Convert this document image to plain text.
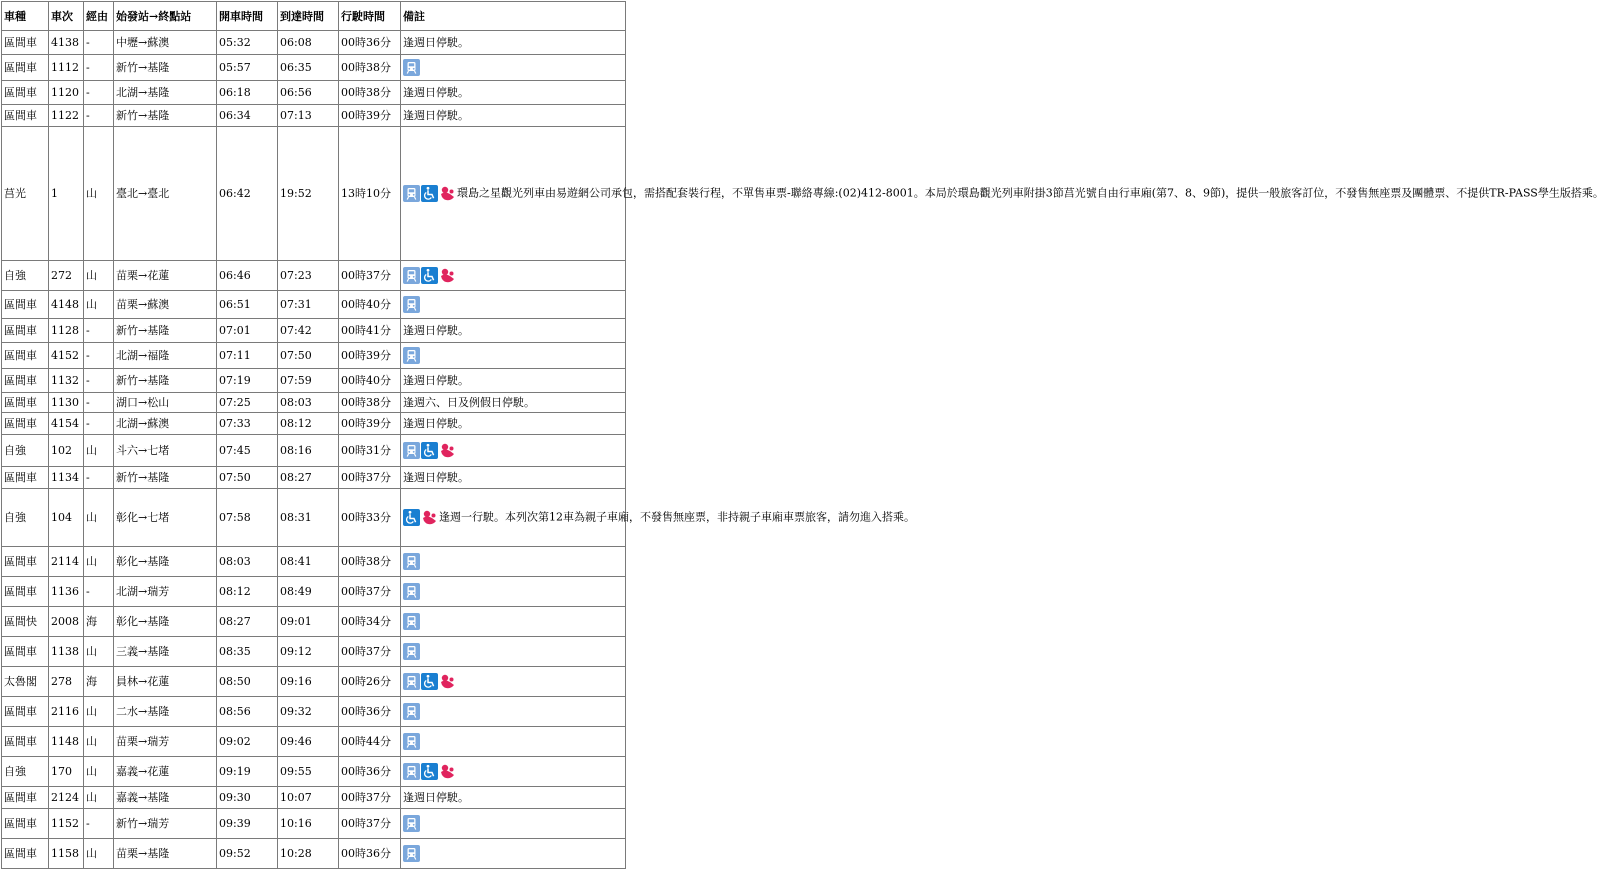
車種	車次	經由	始發站→終點站	開車時間	到達時間	行駛時間	備註
區間車	4138	-	中壢→蘇澳	05:32	06:08	00時36分	逢週日停駛。
區間車	1112	-	新竹→基隆	05:57	06:35	00時38分	

區間車	1120	-	北湖→基隆	06:18	06:56	00時38分	逢週日停駛。
區間車	1122	-	新竹→基隆	06:34	07:13	00時39分	逢週日停駛。
莒光	1	山	臺北→臺北	06:42	19:52	13時10分	環島之星觀光列車由易遊網公司承包，需搭配套裝行程，不單售車票-聯絡專線:(02)412-8001。本局於環島觀光列車附掛3節莒光號自由行車廂(第7、8、9節)，提供一般旅客訂位，不發售無座票及團體票、不提供TR-PASS學生版搭乘。
自強	272	山	苗栗→花蓮	06:46	07:23	00時37分	

區間車	4148	山	苗栗→蘇澳	06:51	07:31	00時40分	

區間車	1128	-	新竹→基隆	07:01	07:42	00時41分	逢週日停駛。
區間車	4152	-	北湖→福隆	07:11	07:50	00時39分	

區間車	1132	-	新竹→基隆	07:19	07:59	00時40分	逢週日停駛。
區間車	1130	-	湖口→松山	07:25	08:03	00時38分	逢週六、日及例假日停駛。
區間車	4154	-	北湖→蘇澳	07:33	08:12	00時39分	逢週日停駛。
自強	102	山	斗六→七堵	07:45	08:16	00時31分	

區間車	1134	-	新竹→基隆	07:50	08:27	00時37分	逢週日停駛。
自強	104	山	彰化→七堵	07:58	08:31	00時33分	逢週一行駛。本列次第12車為親子車廂，不發售無座票，非持親子車廂車票旅客，請勿進入搭乘。
區間車	2114	山	彰化→基隆	08:03	08:41	00時38分	

區間車	1136	-	北湖→瑞芳	08:12	08:49	00時37分	

區間快	2008	海	彰化→基隆	08:27	09:01	00時34分	

區間車	1138	山	三義→基隆	08:35	09:12	00時37分	

太魯閣	278	海	員林→花蓮	08:50	09:16	00時26分	

區間車	2116	山	二水→基隆	08:56	09:32	00時36分	

區間車	1148	山	苗栗→瑞芳	09:02	09:46	00時44分	

自強	170	山	嘉義→花蓮	09:19	09:55	00時36分	

區間車	2124	山	嘉義→基隆	09:30	10:07	00時37分	逢週日停駛。
區間車	1152	-	新竹→瑞芳	09:39	10:16	00時37分	

區間車	1158	山	苗栗→基隆	09:52	10:28	00時36分	
